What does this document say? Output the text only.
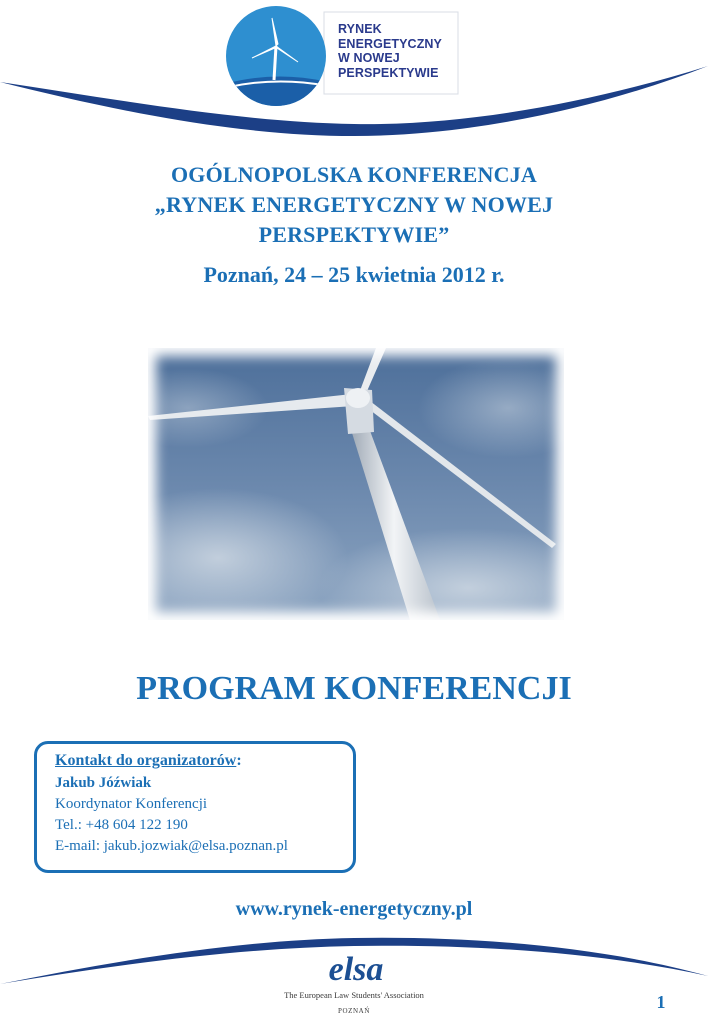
RYNEK
ENERGETYCZNY
W NOWEJ
PERSPEKTYWIE
OGÓLNOPOLSKA KONFERENCJA
„RYNEK ENERGETYCZNY W NOWEJ
PERSPEKTYWIE”
Poznań, 24 – 25 kwietnia 2012 r.
PROGRAM KONFERENCJI
Kontakt do organizatorów:
Jakub Jóźwiak
Koordynator Konferencji
Tel.: +48 604 122 190
E-mail: jakub.jozwiak@elsa.poznan.pl
www.rynek-energetyczny.pl
elsa
The European Law Students' Association
POZNAŃ	1
